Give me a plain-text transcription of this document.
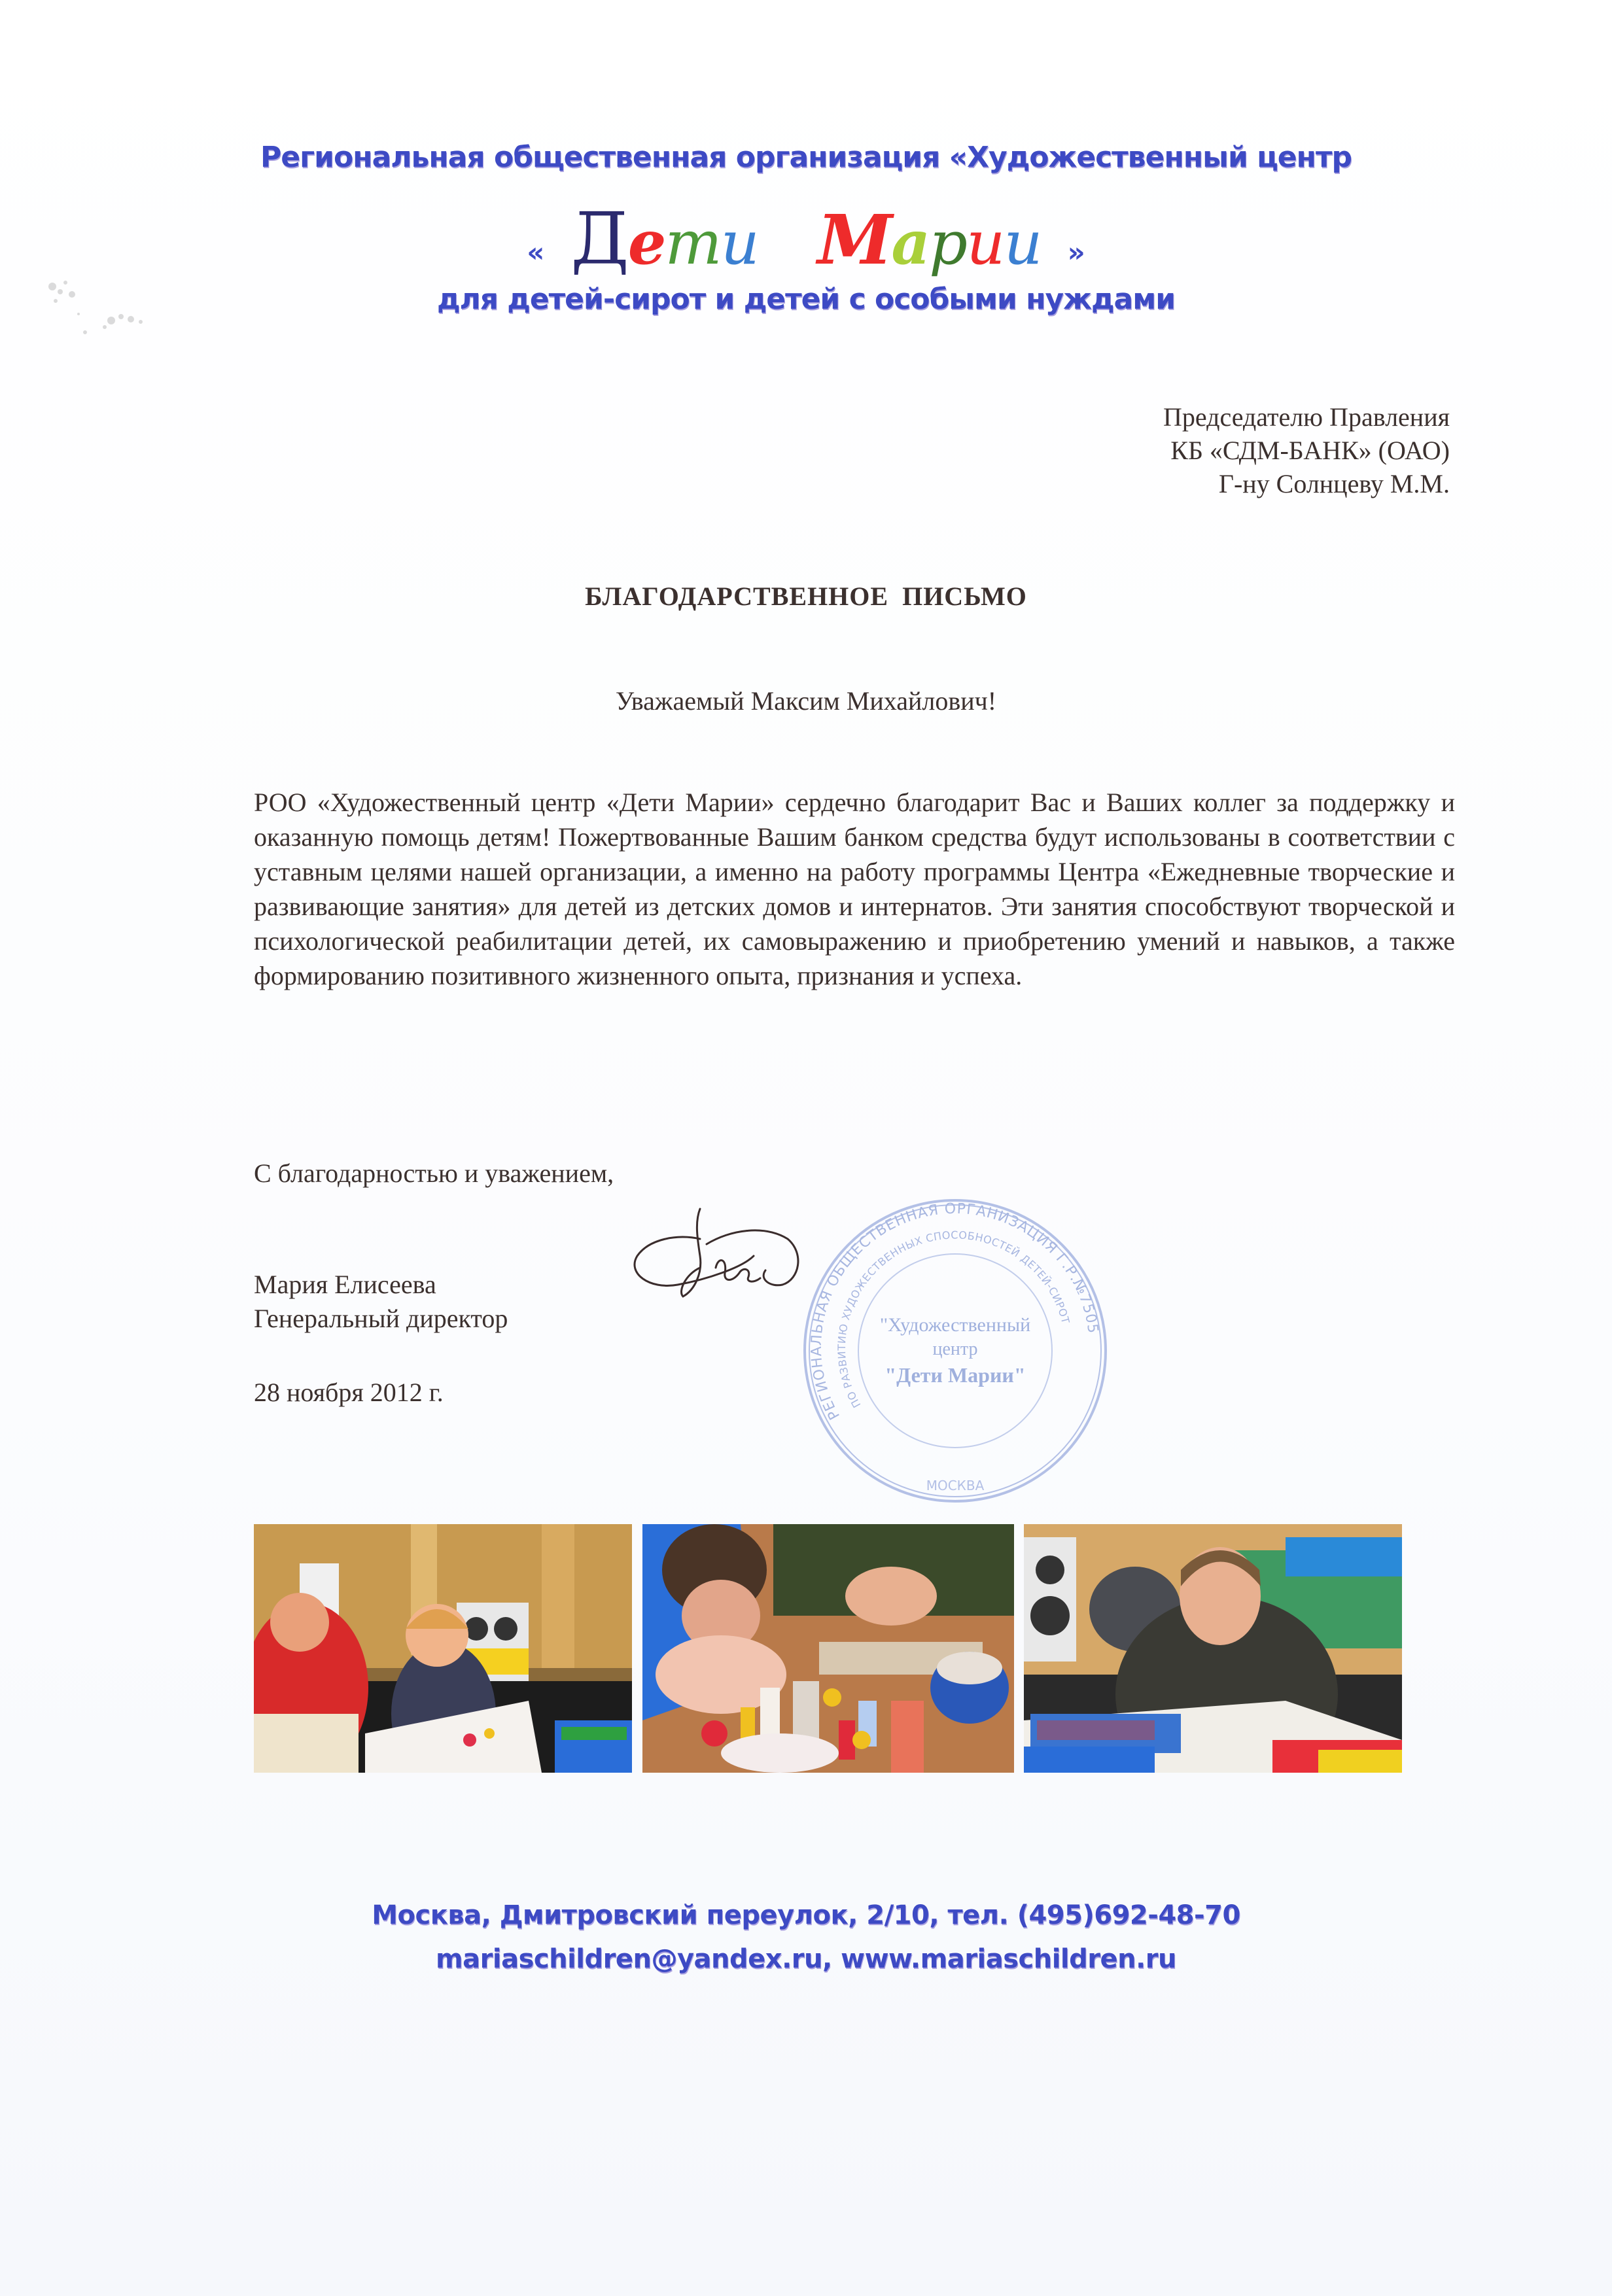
Региональная общественная организация «Художественный центр
« Дети Марии »
для детей-сирот и детей с особыми нуждами
Председателю Правления
КБ «СДМ-БАНК» (ОАО)
Г-ну Солнцеву М.М.
БЛАГОДАРСТВЕННОЕ ПИСЬМО
Уважаемый Максим Михайлович!
РОО «Художественный центр «Дети Марии» сердечно благодарит Вас и Ваших коллег за поддержку и оказанную помощь детям! Пожертвованные Вашим банком средства будут использованы в соответствии с уставным целями нашей организации, а именно на работу программы Центра «Ежедневные творческие и развивающие занятия» для детей из детских домов и интернатов. Эти занятия способствуют творческой и психологической реабилитации детей, их самовыражению и приобретению умений и навыков, а также формированию позитивного жизненного опыта, признания и успеха.
С благодарностью и уважением,
РЕГИОНАЛЬНАЯ ОБЩЕСТВЕННАЯ ОРГАНИЗАЦИЯ Г.Р.№7505
ПО РАЗВИТИЮ ХУДОЖЕСТВЕННЫХ СПОСОБНОСТЕЙ ДЕТЕЙ-СИРОТ
МОСКВА
"Художественный
центр
"Дети Марии"
Мария Елисеева
Генеральный директор
28 ноября 2012 г.
Москва, Дмитровский переулок, 2/10, тел. (495)692-48-70
mariaschildren@yandex.ru, www.mariaschildren.ru
